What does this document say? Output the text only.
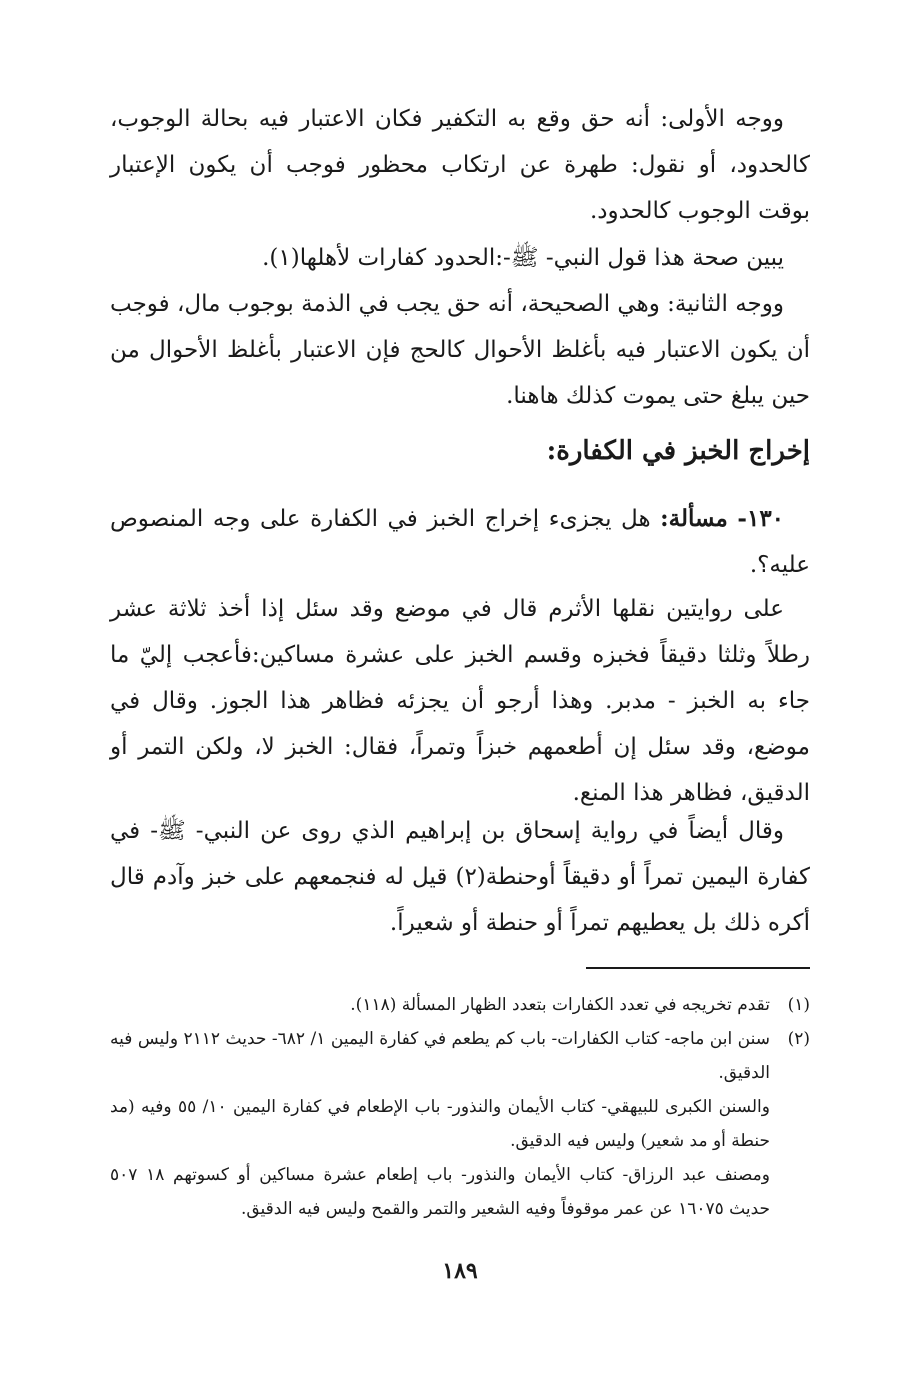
ووجه الأولى: أنه حق وقع به التكفير فكان الاعتبار فيه بحالة الوجوب، كالحدود، أو نقول: طهرة عن ارتكاب محظور فوجب أن يكون الإعتبار بوقت الوجوب كالحدود.

يبين صحة هذا قول النبي- ﷺ-:الحدود كفارات لأهلها(١).

ووجه الثانية: وهي الصحيحة، أنه حق يجب في الذمة بوجوب مال، فوجب أن يكون الاعتبار فيه بأغلظ الأحوال كالحج فإن الاعتبار بأغلظ الأحوال من حين يبلغ حتى يموت كذلك هاهنا.

إخراج الخبز في الكفارة:

١٣٠- مسألة: هل يجزىء إخراج الخبز في الكفارة على وجه المنصوص عليه؟.

على روايتين نقلها الأثرم قال في موضع وقد سئل إذا أخذ ثلاثة عشر رطلاً وثلثا دقيقاً فخبزه وقسم الخبز على عشرة مساكين:فأعجب إليّ ما جاء به الخبز - مدبر. وهذا أرجو أن يجزئه فظاهر هذا الجوز. وقال في موضع، وقد سئل إن أطعمهم خبزاً وتمراً، فقال: الخبز لا، ولكن التمر أو الدقيق، فظاهر هذا المنع.

وقال أيضاً في رواية إسحاق بن إبراهيم الذي روى عن النبي- ﷺ- في كفارة اليمين تمراً أو دقيقاً أوحنطة(٢) قيل له فنجمعهم على خبز وآدم قال أكره ذلك بل يعطيهم تمراً أو حنطة أو شعيراً.

(١)

تقدم تخريجه في تعدد الكفارات بتعدد الظهار المسألة (١١٨).

(٢)

سنن ابن ماجه- كتاب الكفارات- باب كم يطعم في كفارة اليمين ١/ ٦٨٢- حديث ٢١١٢ وليس فيه الدقيق.

والسنن الكبرى للبيهقي- كتاب الأيمان والنذور- باب الإطعام في كفارة اليمين ١٠/ ٥٥ وفيه (مد حنطة أو مد شعير) وليس فيه الدقيق.

ومصنف عبد الرزاق- كتاب الأيمان والنذور- باب إطعام عشرة مساكين أو كسوتهم ١٨ ٥٠٧ حديث ١٦٠٧٥ عن عمر موقوفاً وفيه الشعير والتمر والقمح وليس فيه الدقيق.

١٨٩
